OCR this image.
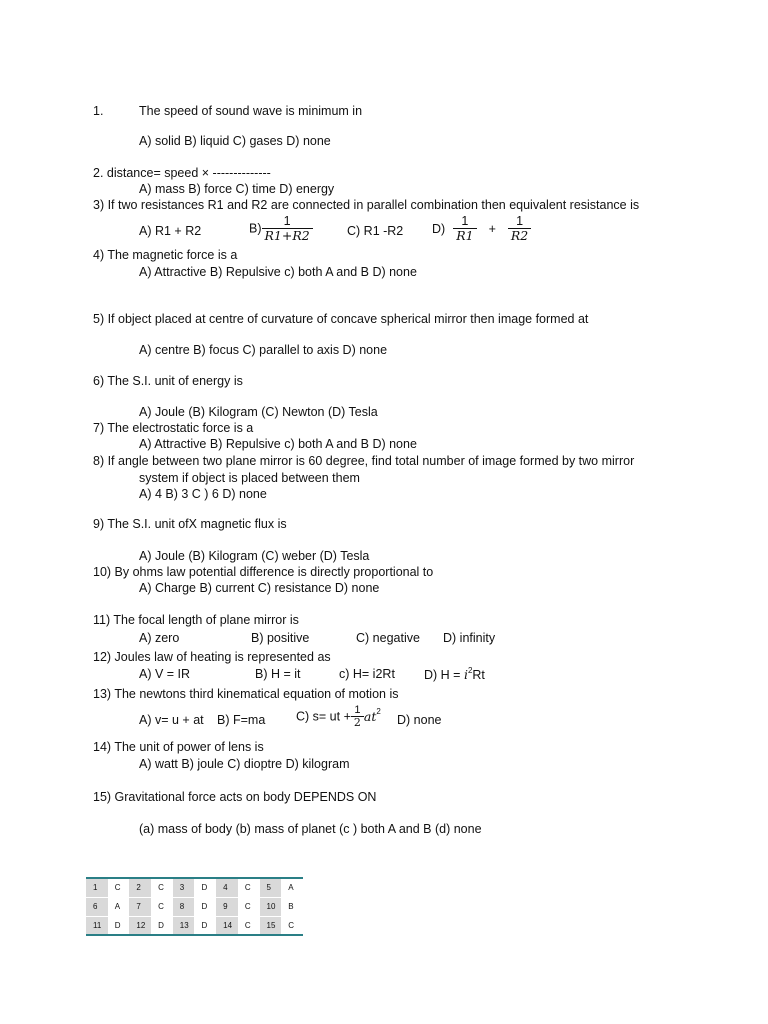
1.	The speed of sound wave is minimum in
A) solid B) liquid C) gases D) none
2. distance= speed × --------------
A) mass B) force C) time D) energy
3) If two resistances R1 and R2 are connected in parallel combination then equivalent resistance is
A) R1 + R2	$B) \frac{1}{R1+R2}$	C) R1 -R2 $D) \frac{1}{R1} + \frac{1}{R2}$
4) The magnetic force is a
A) Attractive B) Repulsive c) both A and B D) none
5) If object placed at centre of curvature of concave spherical mirror then image formed at
A) centre B) focus C) parallel to axis D) none
6) The S.I. unit of energy is
A) Joule (B) Kilogram (C) Newton (D) Tesla
7) The electrostatic force is a
A) Attractive B) Repulsive c) both A and B D) none
8) If angle between two plane mirror is 60 degree, find total number of image formed by two mirror
system if object is placed between them
A) 4 B) 3 C ) 6 D) none
9) The S.I. unit ofX magnetic flux is
A) Joule (B) Kilogram (C) weber (D) Tesla
10) By ohms law potential difference is directly proportional to
A) Charge B) current C) resistance D) none
11) The focal length of plane mirror is
A) zero	B) positive	C) negative D) infinity
12) Joules law of heating is represented as
A) V = IR	B) H = it	c) H= i2Rt D) $H = i^2Rt$
13) The newtons third kinematical equation of motion is
A) v= u + at B) F=ma C) s= ut + $\frac{1}{2} at^2$
D) none
14) The unit of power of lens is
A) watt B) joule C) dioptre D) kilogram
15) Gravitational force acts on body DEPENDS ON
(a) mass of body (b) mass of planet (c ) both A and B (d) none
1	C	2	C	3	D	4	C	5	A
6	A	7	C	8	D	9	C	10	B
11	D	12	D	13	D	14	C	15	C
